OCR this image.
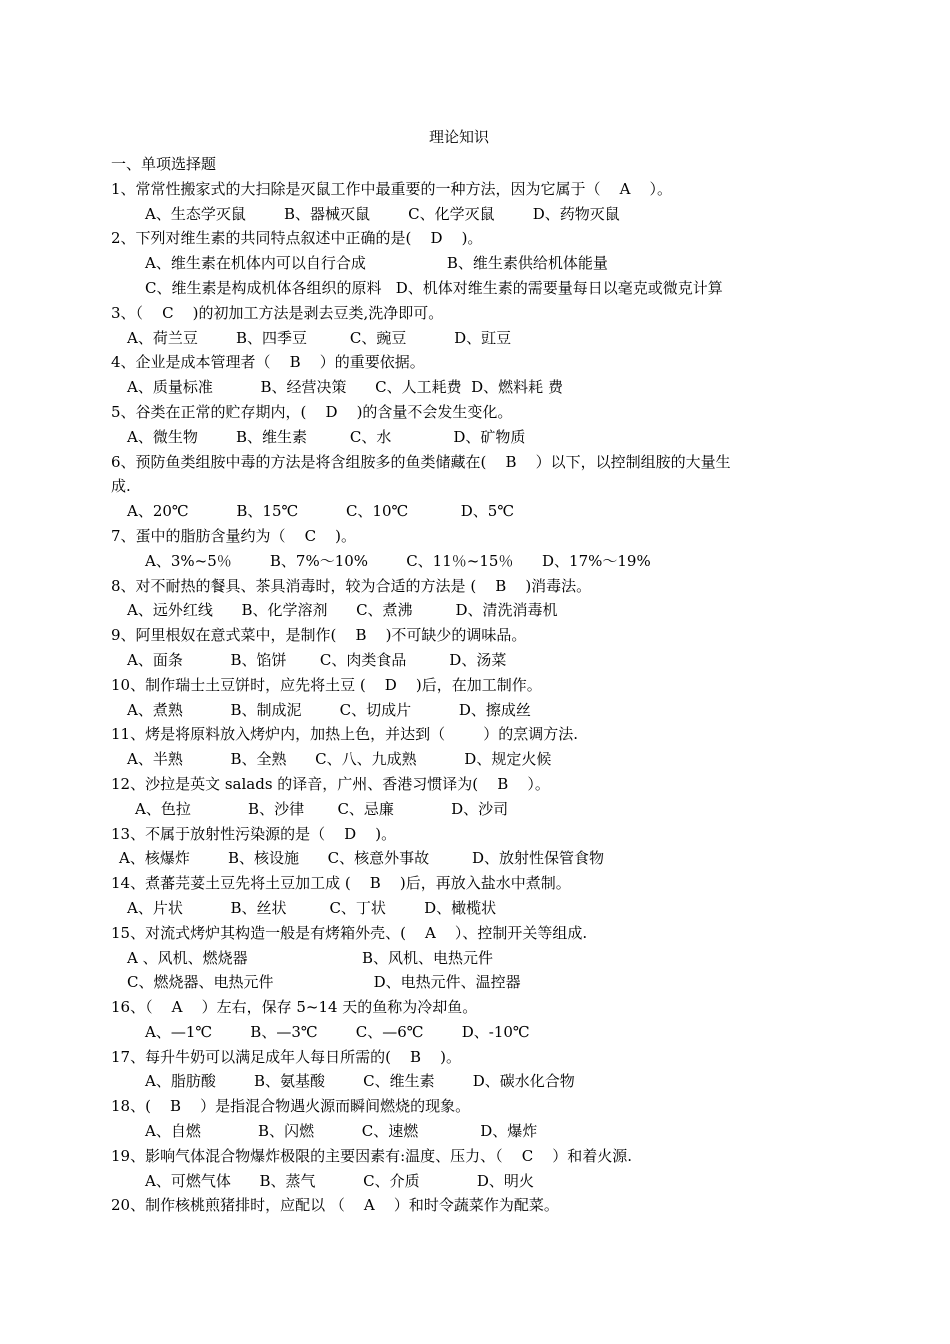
理论知识
一、单项选择题
1、常常性搬家式的大扫除是灭鼠工作中最重要的一种方法，因为它属于（    A    ）。
A、生态学灭鼠        B、器械灭鼠        C、化学灭鼠        D、药物灭鼠
2、下列对维生素的共同特点叙述中正确的是(    D    )。
A、维生素在机体内可以自行合成                 B、维生素供给机体能量
C、维生素是构成机体各组织的原料   D、机体对维生素的需要量每日以毫克或微克计算
3、（    C    )的初加工方法是剥去豆类,洗净即可。
A、荷兰豆        B、四季豆         C、豌豆          D、豇豆
4、企业是成本管理者（    B    ）的重要依据。
A、质量标准          B、经营决策      C、人工耗费  D、燃料耗 费
5、谷类在正常的贮存期内，(    D    )的含量不会发生变化。
A、微生物        B、维生素         C、水             D、矿物质
6、预防鱼类组胺中毒的方法是将含组胺多的鱼类储藏在(    B    ）以下，以控制组胺的大量生
成.
A、20℃          B、15℃          C、10℃           D、5℃
7、蛋中的脂肪含量约为（    C    )。
A、3%~5％        B、7%～10%        C、11％~15％      D、17%～19%
8、对不耐热的餐具、茶具消毒时，较为合适的方法是 (    B    )消毒法。
A、远外红线      B、化学溶剂      C、煮沸         D、清洗消毒机
9、阿里根奴在意式菜中，是制作(    B    )不可缺少的调味品。
A、面条          B、馅饼       C、肉类食品         D、汤菜
10、制作瑞士土豆饼时，应先将土豆 (    D    )后，在加工制作。
A、煮熟          B、制成泥        C、切成片          D、擦成丝
11、烤是将原料放入烤炉内，加热上色，并达到（        ）的烹调方法.
A、半熟          B、全熟      C、八、九成熟          D、规定火候
12、沙拉是英文 salads 的译音，广州、香港习惯译为(    B    ）。
A、色拉            B、沙律       C、忌廉            D、沙司
13、不属于放射性污染源的是（    D    )。
A、核爆炸        B、核设施      C、核意外事故         D、放射性保管食物
14、煮蕃芫荽土豆先将土豆加工成 (    B    )后，再放入盐水中煮制。
A、片状          B、丝状         C、丁状        D、橄榄状
15、对流式烤炉其构造一般是有烤箱外壳、(    A    ）、控制开关等组成.
A 、风机、燃烧器                        B、风机、电热元件
C、燃烧器、电热元件                     D、电热元件、温控器
16、（    A    ）左右，保存 5~14 天的鱼称为冷却鱼。
A、—1℃        B、—3℃        C、—6℃        D、-10℃
17、每升牛奶可以满足成年人每日所需的(    B    )。
A、脂肪酸        B、氨基酸        C、维生素        D、碳水化合物
18、(    B    ）是指混合物遇火源而瞬间燃烧的现象。
A、自燃            B、闪燃          C、速燃             D、爆炸
19、影响气体混合物爆炸极限的主要因素有:温度、压力、（    C    ）和着火源.
A、可燃气体      B、蒸气          C、介质            D、明火
20、制作核桃煎猪排时，应配以 （    A    ）和时令蔬菜作为配菜。
